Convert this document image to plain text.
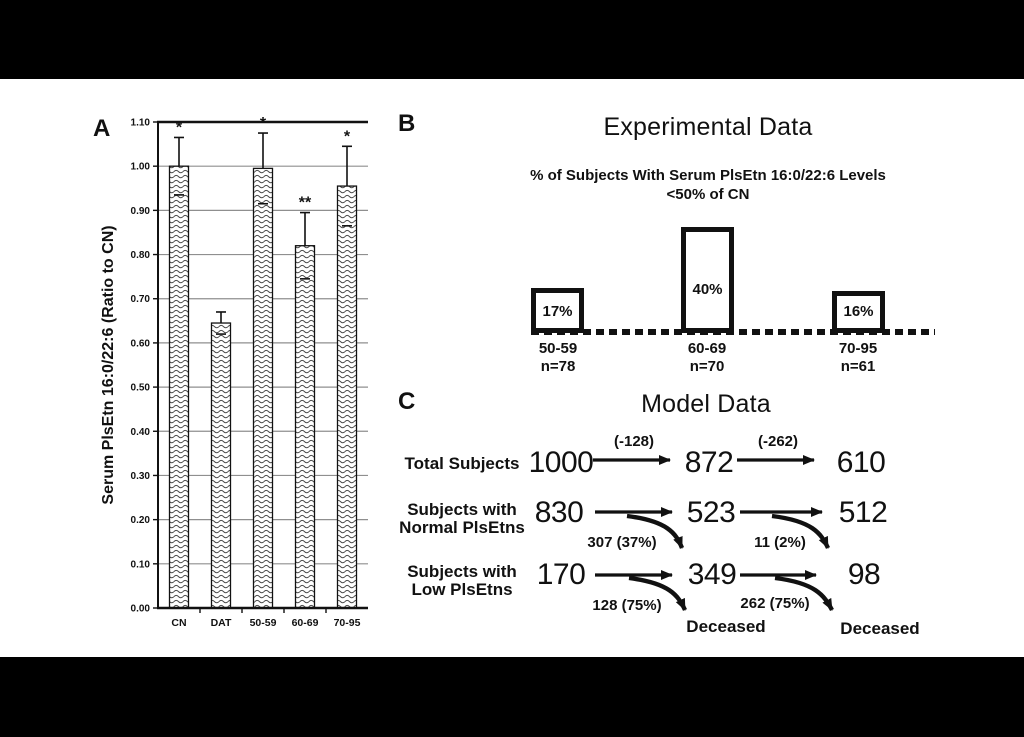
A
0.00
0.10
0.20
0.30
0.40
0.50
0.60
0.70
0.80
0.90
1.00
1.10 *
CN DAT
*
50-59
**
60-69
*
70-95
Serum PlsEtn 16:0/22:6 (Ratio to CN)
B	Experimental Data
% of Subjects With Serum PlsEtn 16:0/22:6 Levels
<50% of CN
17%
40%
16%
50-59
n=78
60-69
n=70
70-95
n=61
C	Model Data
Total Subjects
Subjects with
Normal PlsEtns
Subjects with
Low PlsEtns
1000	872	610
830	523	512
170	349	98
(-128)	(-262)
307 (37%)	11 (2%)
128 (75%)	262 (75%)
Deceased	Deceased
